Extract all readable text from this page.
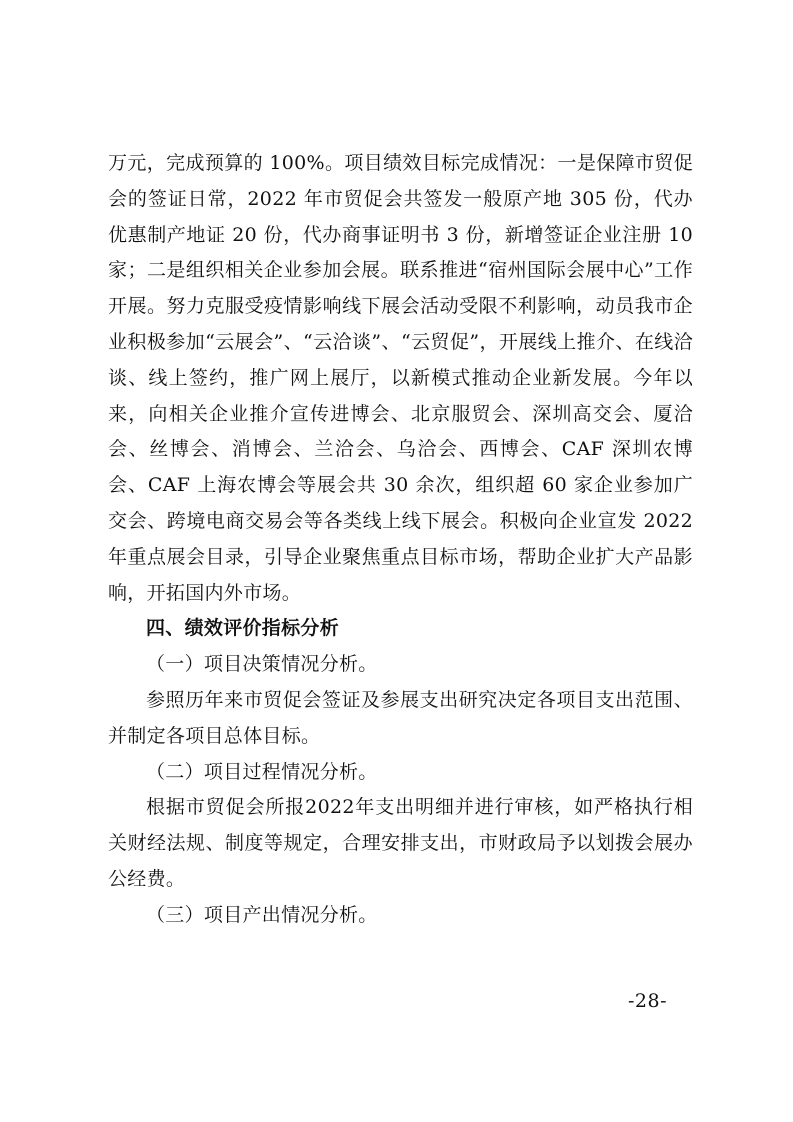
万元，完成预算的 100%。项目绩效目标完成情况：一是保障市贸促会的签证日常，2022 年市贸促会共签发一般原产地 305 份，代办优惠制产地证 20 份，代办商事证明书 3 份，新增签证企业注册 10 家；二是组织相关企业参加会展。联系推进“宿州国际会展中心”工作开展。努力克服受疫情影响线下展会活动受限不利影响，动员我市企业积极参加“云展会”、“云洽谈”、“云贸促”，开展线上推介、在线洽谈、线上签约，推广网上展厅，以新模式推动企业新发展。今年以来，向相关企业推介宣传进博会、北京服贸会、深圳高交会、厦洽会、丝博会、消博会、兰洽会、乌洽会、西博会、CAF 深圳农博会、CAF 上海农博会等展会共 30 余次，组织超 60 家企业参加广交会、跨境电商交易会等各类线上线下展会。积极向企业宣发 2022 年重点展会目录，引导企业聚焦重点目标市场，帮助企业扩大产品影响，开拓国内外市场。

四、绩效评价指标分析

（一）项目决策情况分析。

参照历年来市贸促会签证及参展支出研究决定各项目支出范围、并制定各项目总体目标。

（二）项目过程情况分析。

根据市贸促会所报2022年支出明细并进行审核，如严格执行相关财经法规、制度等规定，合理安排支出，市财政局予以划拨会展办公经费。

（三）项目产出情况分析。

-28-
